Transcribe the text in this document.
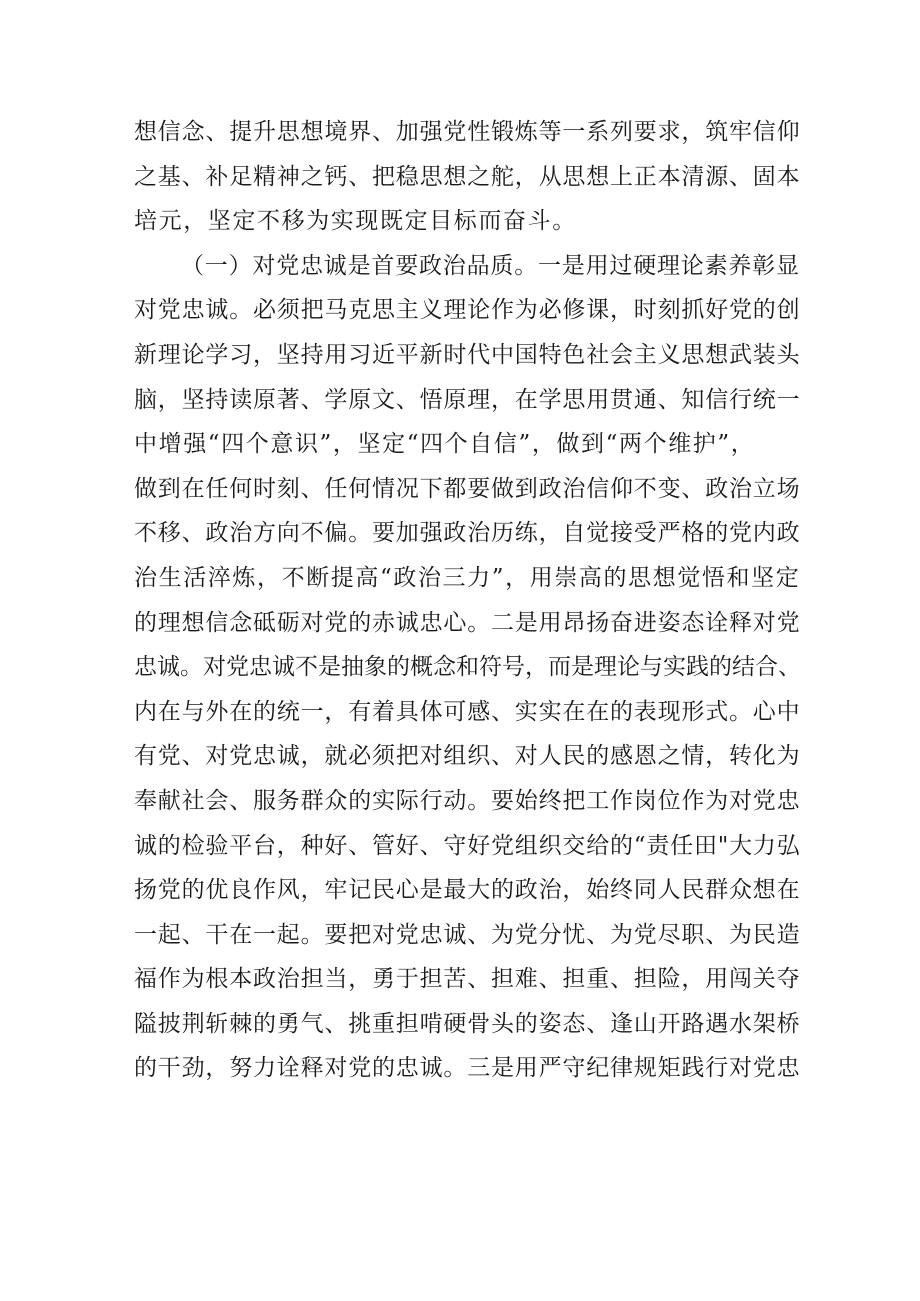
想信念、提升思想境界、加强党性锻炼等一系列要求，筑牢信仰
之基、补足精神之钙、把稳思想之舵，从思想上正本清源、固本
培元，坚定不移为实现既定目标而奋斗。
（一）对党忠诚是首要政治品质。一是用过硬理论素养彰显
对党忠诚。必须把马克思主义理论作为必修课，时刻抓好党的创
新理论学习，坚持用习近平新时代中国特色社会主义思想武装头
脑，坚持读原著、学原文、悟原理，在学思用贯通、知信行统一
中增强“四个意识”，坚定“四个自信”，做到“两个维护”，
做到在任何时刻、任何情况下都要做到政治信仰不变、政治立场
不移、政治方向不偏。要加强政治历练，自觉接受严格的党内政
治生活淬炼，不断提高“政治三力”，用崇高的思想觉悟和坚定
的理想信念砥砺对党的赤诚忠心。二是用昂扬奋进姿态诠释对党
忠诚。对党忠诚不是抽象的概念和符号，而是理论与实践的结合、
内在与外在的统一，有着具体可感、实实在在的表现形式。心中
有党、对党忠诚，就必须把对组织、对人民的感恩之情，转化为
奉献社会、服务群众的实际行动。要始终把工作岗位作为对党忠
诚的检验平台，种好、管好、守好党组织交给的“责任田"大力弘
扬党的优良作风，牢记民心是最大的政治，始终同人民群众想在
一起、干在一起。要把对党忠诚、为党分忧、为党尽职、为民造
福作为根本政治担当，勇于担苦、担难、担重、担险，用闯关夺
隘披荆斩棘的勇气、挑重担啃硬骨头的姿态、逢山开路遇水架桥
的干劲，努力诠释对党的忠诚。三是用严守纪律规矩践行对党忠
